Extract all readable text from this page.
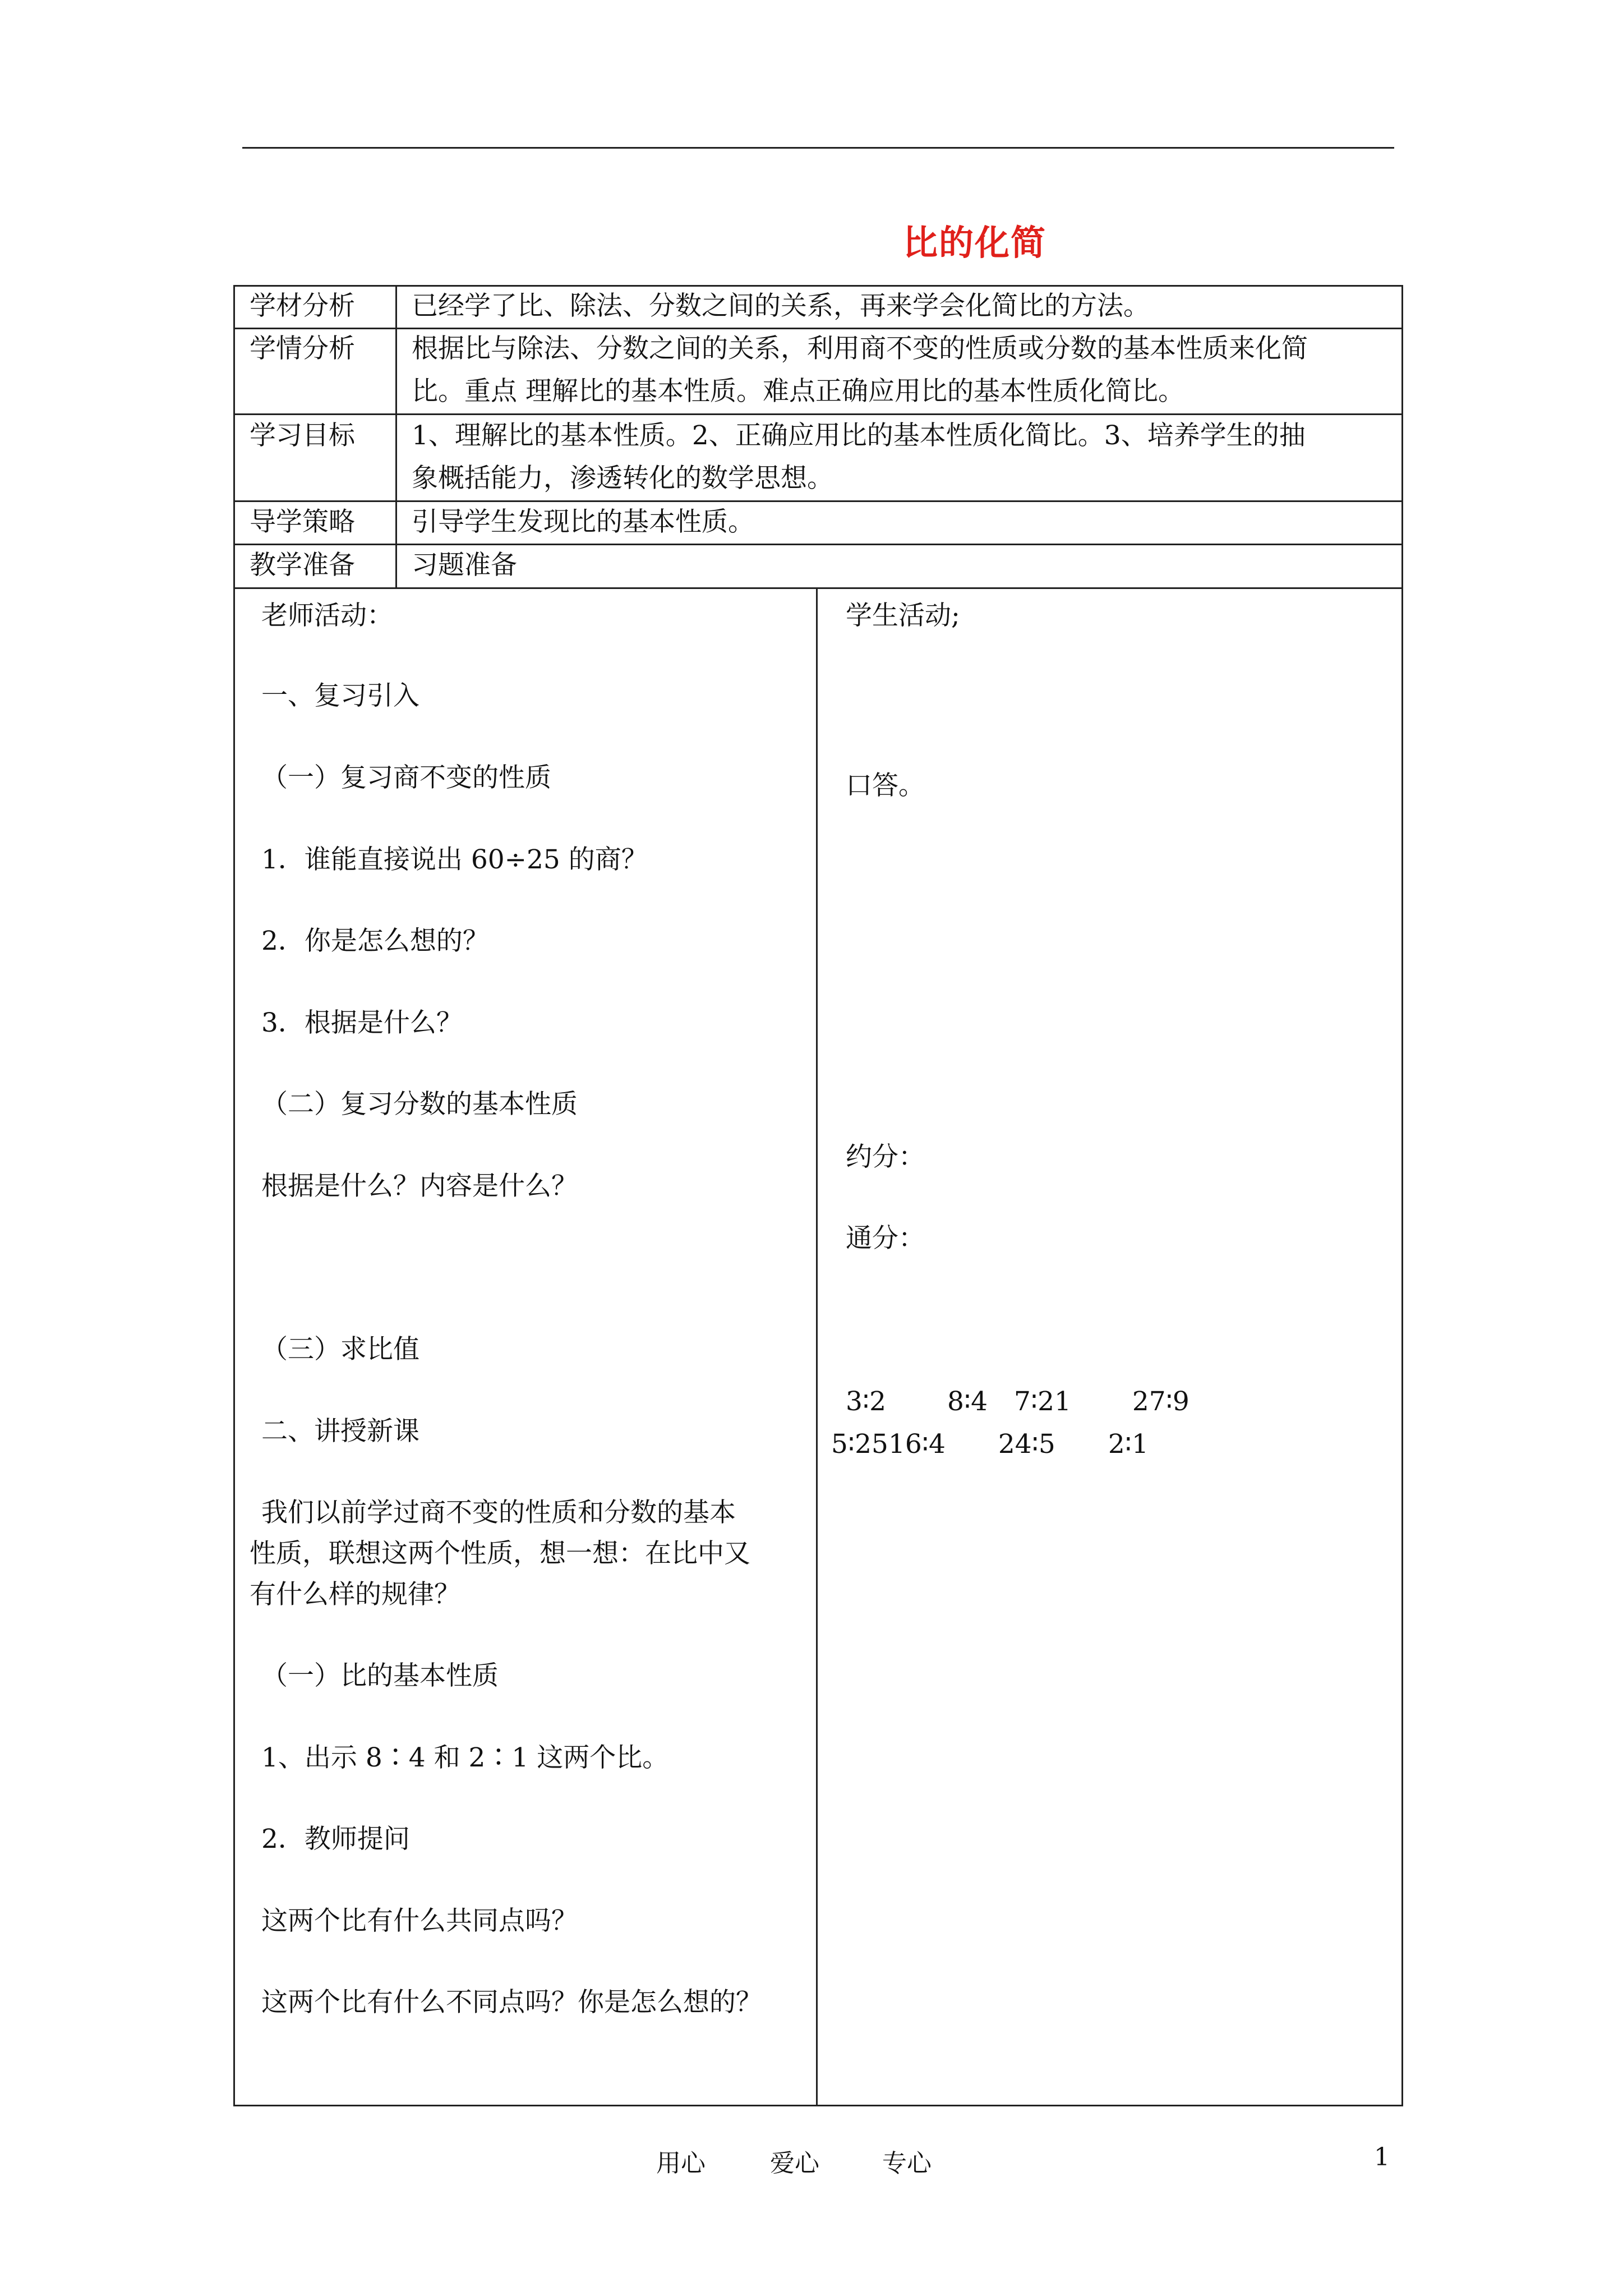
比的化简
学材分析 已经学了比、除法、分数之间的关系，再来学会化简比的方法。
学情分析 根据比与除法、分数之间的关系，利用商不变的性质或分数的基本性质来化简
比。重点 理解比的基本性质。难点正确应用比的基本性质化简比。
学习目标 1、理解比的基本性质。2、正确应用比的基本性质化简比。3、培养学生的抽
象概括能力，渗透转化的数学思想。
导学策略 引导学生发现比的基本性质。
教学准备 习题准备
老师活动：
一、复习引入
（一）复习商不变的性质
1．谁能直接说出 60÷25 的商？
2．你是怎么想的？
3．根据是什么？
（二）复习分数的基本性质
根据是什么？内容是什么？
（三）求比值
二、讲授新课
我们以前学过商不变的性质和分数的基本
性质，联想这两个性质，想一想：在比中又
有什么样的规律？
（一）比的基本性质
1、出示 8∶4 和 2∶1 这两个比。
2．教师提问
这两个比有什么共同点吗？
这两个比有什么不同点吗？你是怎么想的？
学生活动;
口答。
约分：
通分：
3∶2　　 8∶4　7∶21　　 27∶9
5∶2516∶4　　24∶5　　2∶1
用心	爱心	专心	1
